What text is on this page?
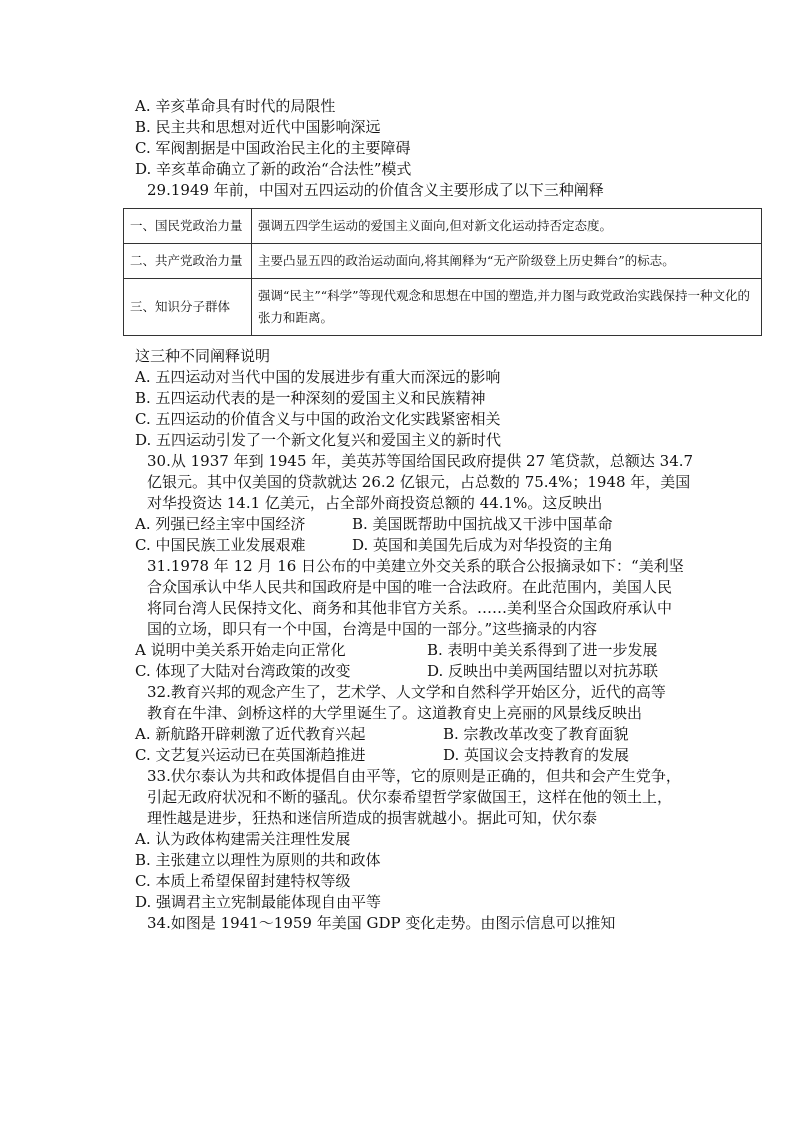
A. 辛亥革命具有时代的局限性
B. 民主共和思想对近代中国影响深远
C. 军阀割据是中国政治民主化的主要障碍
D. 辛亥革命确立了新的政治“合法性”模式
29.1949 年前，中国对五四运动的价值含义主要形成了以下三种阐释
一、国民党政治力量	强调五四学生运动的爱国主义面向,但对新文化运动持否定态度。
二、共产党政治力量	主要凸显五四的政治运动面向,将其阐释为“无产阶级登上历史舞台”的标志。
三、知识分子群体	强调“民主”“科学”等现代观念和思想在中国的塑造,并力图与政党政治实践保持一种文化的张力和距离。
这三种不同阐释说明
A. 五四运动对当代中国的发展进步有重大而深远的影响
B. 五四运动代表的是一种深刻的爱国主义和民族精神
C. 五四运动的价值含义与中国的政治文化实践紧密相关
D. 五四运动引发了一个新文化复兴和爱国主义的新时代
30.从 1937 年到 1945 年，美英苏等国给国民政府提供 27 笔贷款，总额达 34.7
亿银元。其中仅美国的贷款就达 26.2 亿银元，占总数的 75.4%；1948 年，美国
对华投资达 14.1 亿美元，占全部外商投资总额的 44.1%。这反映出
A. 列强已经主宰中国经济	B. 美国既帮助中国抗战又干涉中国革命
C. 中国民族工业发展艰难	D. 英国和美国先后成为对华投资的主角
31.1978 年 12 月 16 日公布的中美建立外交关系的联合公报摘录如下：“美利坚
合众国承认中华人民共和国政府是中国的唯一合法政府。在此范围内，美国人民
将同台湾人民保持文化、商务和其他非官方关系。……美利坚合众国政府承认中
国的立场，即只有一个中国，台湾是中国的一部分。”这些摘录的内容
A 说明中美关系开始走向正常化	B. 表明中美关系得到了进一步发展
C. 体现了大陆对台湾政策的改变	D. 反映出中美两国结盟以对抗苏联
32.教育兴邦的观念产生了，艺术学、人文学和自然科学开始区分，近代的高等
教育在牛津、剑桥这样的大学里诞生了。这道教育史上亮丽的风景线反映出
A. 新航路开辟刺激了近代教育兴起	B. 宗教改革改变了教育面貌
C. 文艺复兴运动已在英国渐趋推进	D. 英国议会支持教育的发展
33.伏尔泰认为共和政体提倡自由平等，它的原则是正确的，但共和会产生党争，
引起无政府状况和不断的骚乱。伏尔泰希望哲学家做国王，这样在他的领土上，
理性越是进步，狂热和迷信所造成的损害就越小。据此可知，伏尔泰
A. 认为政体构建需关注理性发展
B. 主张建立以理性为原则的共和政体
C. 本质上希望保留封建特权等级
D. 强调君主立宪制最能体现自由平等
34.如图是 1941～1959 年美国 GDP 变化走势。由图示信息可以推知
